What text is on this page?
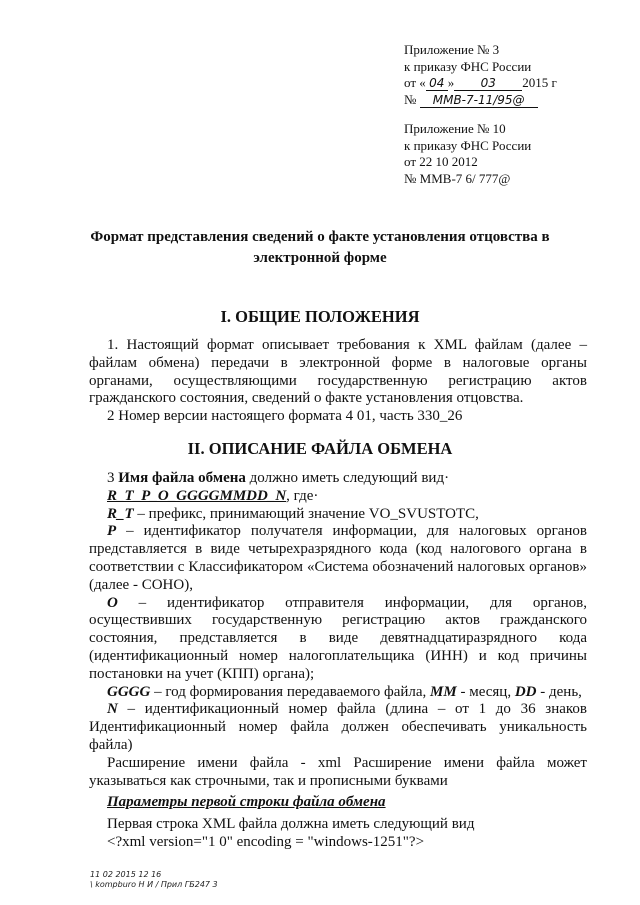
Приложение № 3
к приказу ФНС России
от « 04 » 03 2015 г
№ ММВ-7-11/95@
Приложение № 10
к приказу ФНС России
от 22 10 2012
№ ММВ-7 6/ 777@
Формат представления сведений о факте установления отцовства в
электронной форме
I. ОБЩИЕ ПОЛОЖЕНИЯ

1. Настоящий формат описывает требования к XML файлам (далее – файлам обмена) передачи в электронной форме в налоговые органы органами, осуществляющими государственную регистрацию актов гражданского состояния, сведений о факте установления отцовства.

2 Номер версии настоящего формата 4 01, часть 330_26

II. ОПИСАНИЕ ФАЙЛА ОБМЕНА

3 Имя файла обмена должно иметь следующий вид·

R_T_P_O_GGGGMMDD_N, где·

R_T – префикс, принимающий значение VO_SVUSTOTC,

P – идентификатор получателя информации, для налоговых органов представляется в виде четырехразрядного кода (код налогового органа в соответствии с Классификатором «Система обозначений налоговых органов» (далее - СОНО),

O – идентификатор отправителя информации, для органов, осуществивших государственную регистрацию актов гражданского состояния, представляется в виде девятнадцатиразрядного кода (идентификационный номер налогоплательщика (ИНН) и код причины постановки на учет (КПП) органа);

GGGG – год формирования передаваемого файла, MM - месяц, DD - день,

N – идентификационный номер файла (длина – от 1 до 36 знаков Идентификационный номер файла должен обеспечивать уникальность файла)

Расширение имени файла - xml Расширение имени файла может указываться как строчными, так и прописными буквами

Параметры первой строки файла обмена

Первая строка XML файла должна иметь следующий вид

<?xml version="1 0" encoding = "windows-1251"?>

11 02 2015 12 16
\ kompburo Н И / Прил ГБ247 3
